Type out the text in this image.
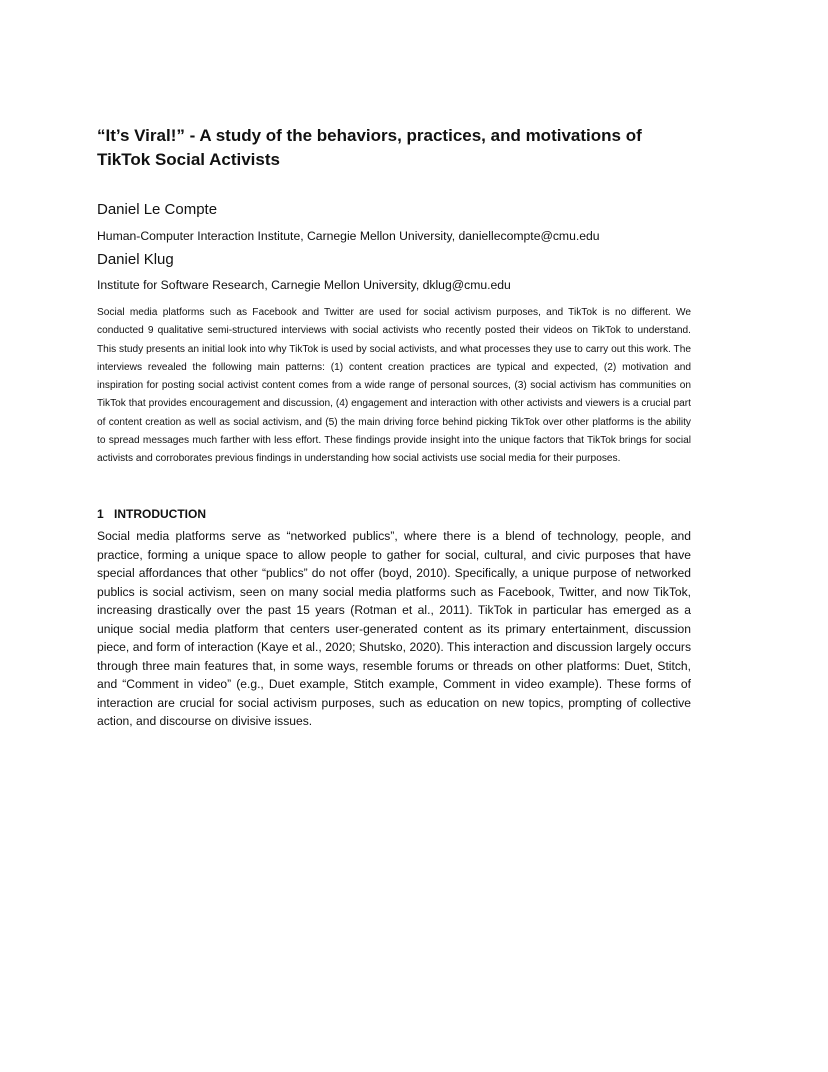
“It’s Viral!” - A study of the behaviors, practices, and motivations of TikTok Social Activists
Daniel Le Compte
Human-Computer Interaction Institute, Carnegie Mellon University, daniellecompte@cmu.edu
Daniel Klug
Institute for Software Research, Carnegie Mellon University, dklug@cmu.edu

Social media platforms such as Facebook and Twitter are used for social activism purposes, and TikTok is no different. We conducted 9 qualitative semi-structured interviews with social activists who recently posted their videos on TikTok to understand. This study presents an initial look into why TikTok is used by social activists, and what processes they use to carry out this work. The interviews revealed the following main patterns: (1) content creation practices are typical and expected, (2) motivation and inspiration for posting social activist content comes from a wide range of personal sources, (3) social activism has communities on TikTok that provides encouragement and discussion, (4) engagement and interaction with other activists and viewers is a crucial part of content creation as well as social activism, and (5) the main driving force behind picking TikTok over other platforms is the ability to spread messages much farther with less effort. These findings provide insight into the unique factors that TikTok brings for social activists and corroborates previous findings in understanding how social activists use social media for their purposes.

1 INTRODUCTION

Social media platforms serve as “networked publics”, where there is a blend of technology, people, and practice, forming a unique space to allow people to gather for social, cultural, and civic purposes that have special affordances that other “publics” do not offer (boyd, 2010). Specifically, a unique purpose of networked publics is social activism, seen on many social media platforms such as Facebook, Twitter, and now TikTok, increasing drastically over the past 15 years (Rotman et al., 2011). TikTok in particular has emerged as a unique social media platform that centers user-generated content as its primary entertainment, discussion piece, and form of interaction (Kaye et al., 2020; Shutsko, 2020). This interaction and discussion largely occurs through three main features that, in some ways, resemble forums or threads on other platforms: Duet, Stitch, and “Comment in video” (e.g., Duet example, Stitch example, Comment in video example). These forms of interaction are crucial for social activism purposes, such as education on new topics, prompting of collective action, and discourse on divisive issues.
